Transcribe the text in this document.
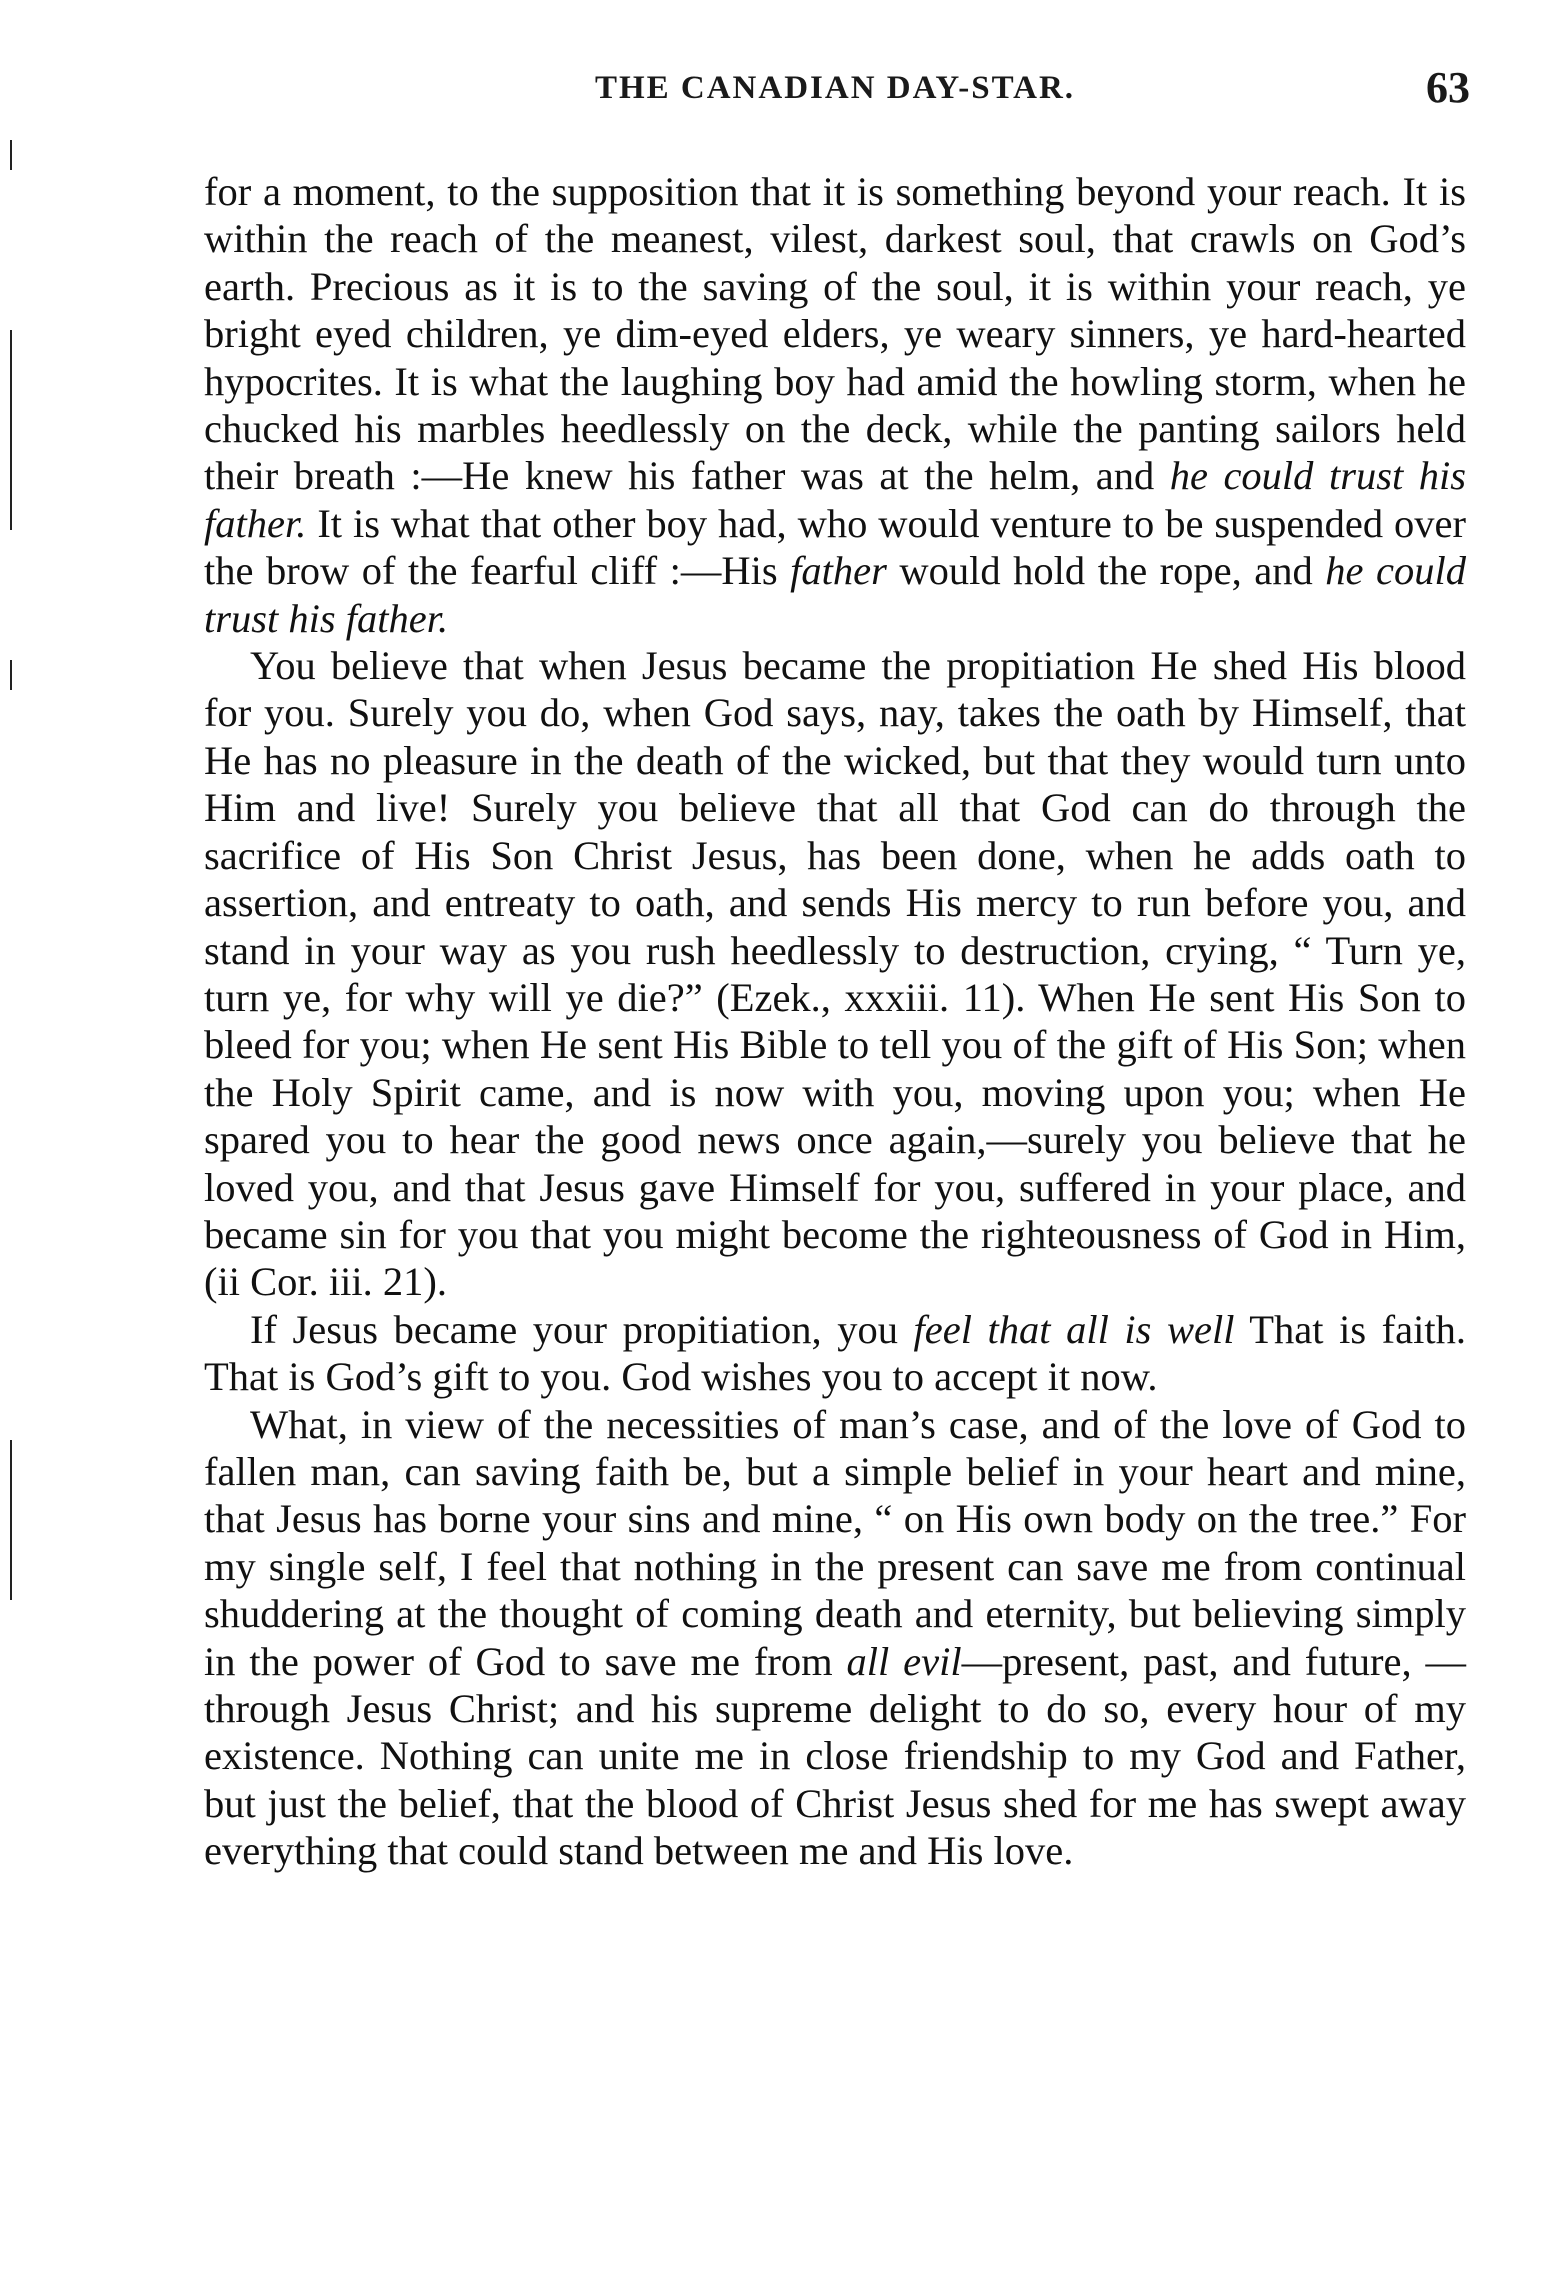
THE CANADIAN DAY-STAR.	63

for a moment, to the supposition that it is something beyond your reach. It is within the reach of the meanest, vilest, darkest soul, that crawls on God’s earth. Precious as it is to the saving of the soul, it is within your reach, ye bright eyed children, ye dim-eyed elders, ye weary sinners, ye hard-hearted hypocrites. It is what the laughing boy had amid the howling storm, when he chucked his marbles heedlessly on the deck, while the panting sailors held their breath :—He knew his father was at the helm, and he could trust his father. It is what that other boy had, who would venture to be suspended over the brow of the fearful cliff :—His father would hold the rope, and he could trust his father.

You believe that when Jesus became the propitiation He shed His blood for you. Surely you do, when God says, nay, takes the oath by Himself, that He has no pleasure in the death of the wicked, but that they would turn unto Him and live! Surely you believe that all that God can do through the sacrifice of His Son Christ Jesus, has been done, when he adds oath to assertion, and entreaty to oath, and sends His mercy to run before you, and stand in your way as you rush heedlessly to destruction, crying, “ Turn ye, turn ye, for why will ye die?” (Ezek., xxxiii. 11). When He sent His Son to bleed for you; when He sent His Bible to tell you of the gift of His Son; when the Holy Spirit came, and is now with you, moving upon you; when He spared you to hear the good news once again,—surely you believe that he loved you, and that Jesus gave Himself for you, suffered in your place, and became sin for you that you might become the righteousness of God in Him, (ii Cor. iii. 21).

If Jesus became your propitiation, you feel that all is well That is faith. That is God’s gift to you. God wishes you to accept it now.

What, in view of the necessities of man’s case, and of the love of God to fallen man, can saving faith be, but a simple belief in your heart and mine, that Jesus has borne your sins and mine, “ on His own body on the tree.” For my single self, I feel that nothing in the present can save me from continual shuddering at the thought of coming death and eternity, but believing simply in the power of God to save me from all evil—present, past, and future, —through Jesus Christ; and his supreme delight to do so, every hour of my existence. Nothing can unite me in close friendship to my God and Father, but just the belief, that the blood of Christ Jesus shed for me has swept away everything that could stand between me and His love.
